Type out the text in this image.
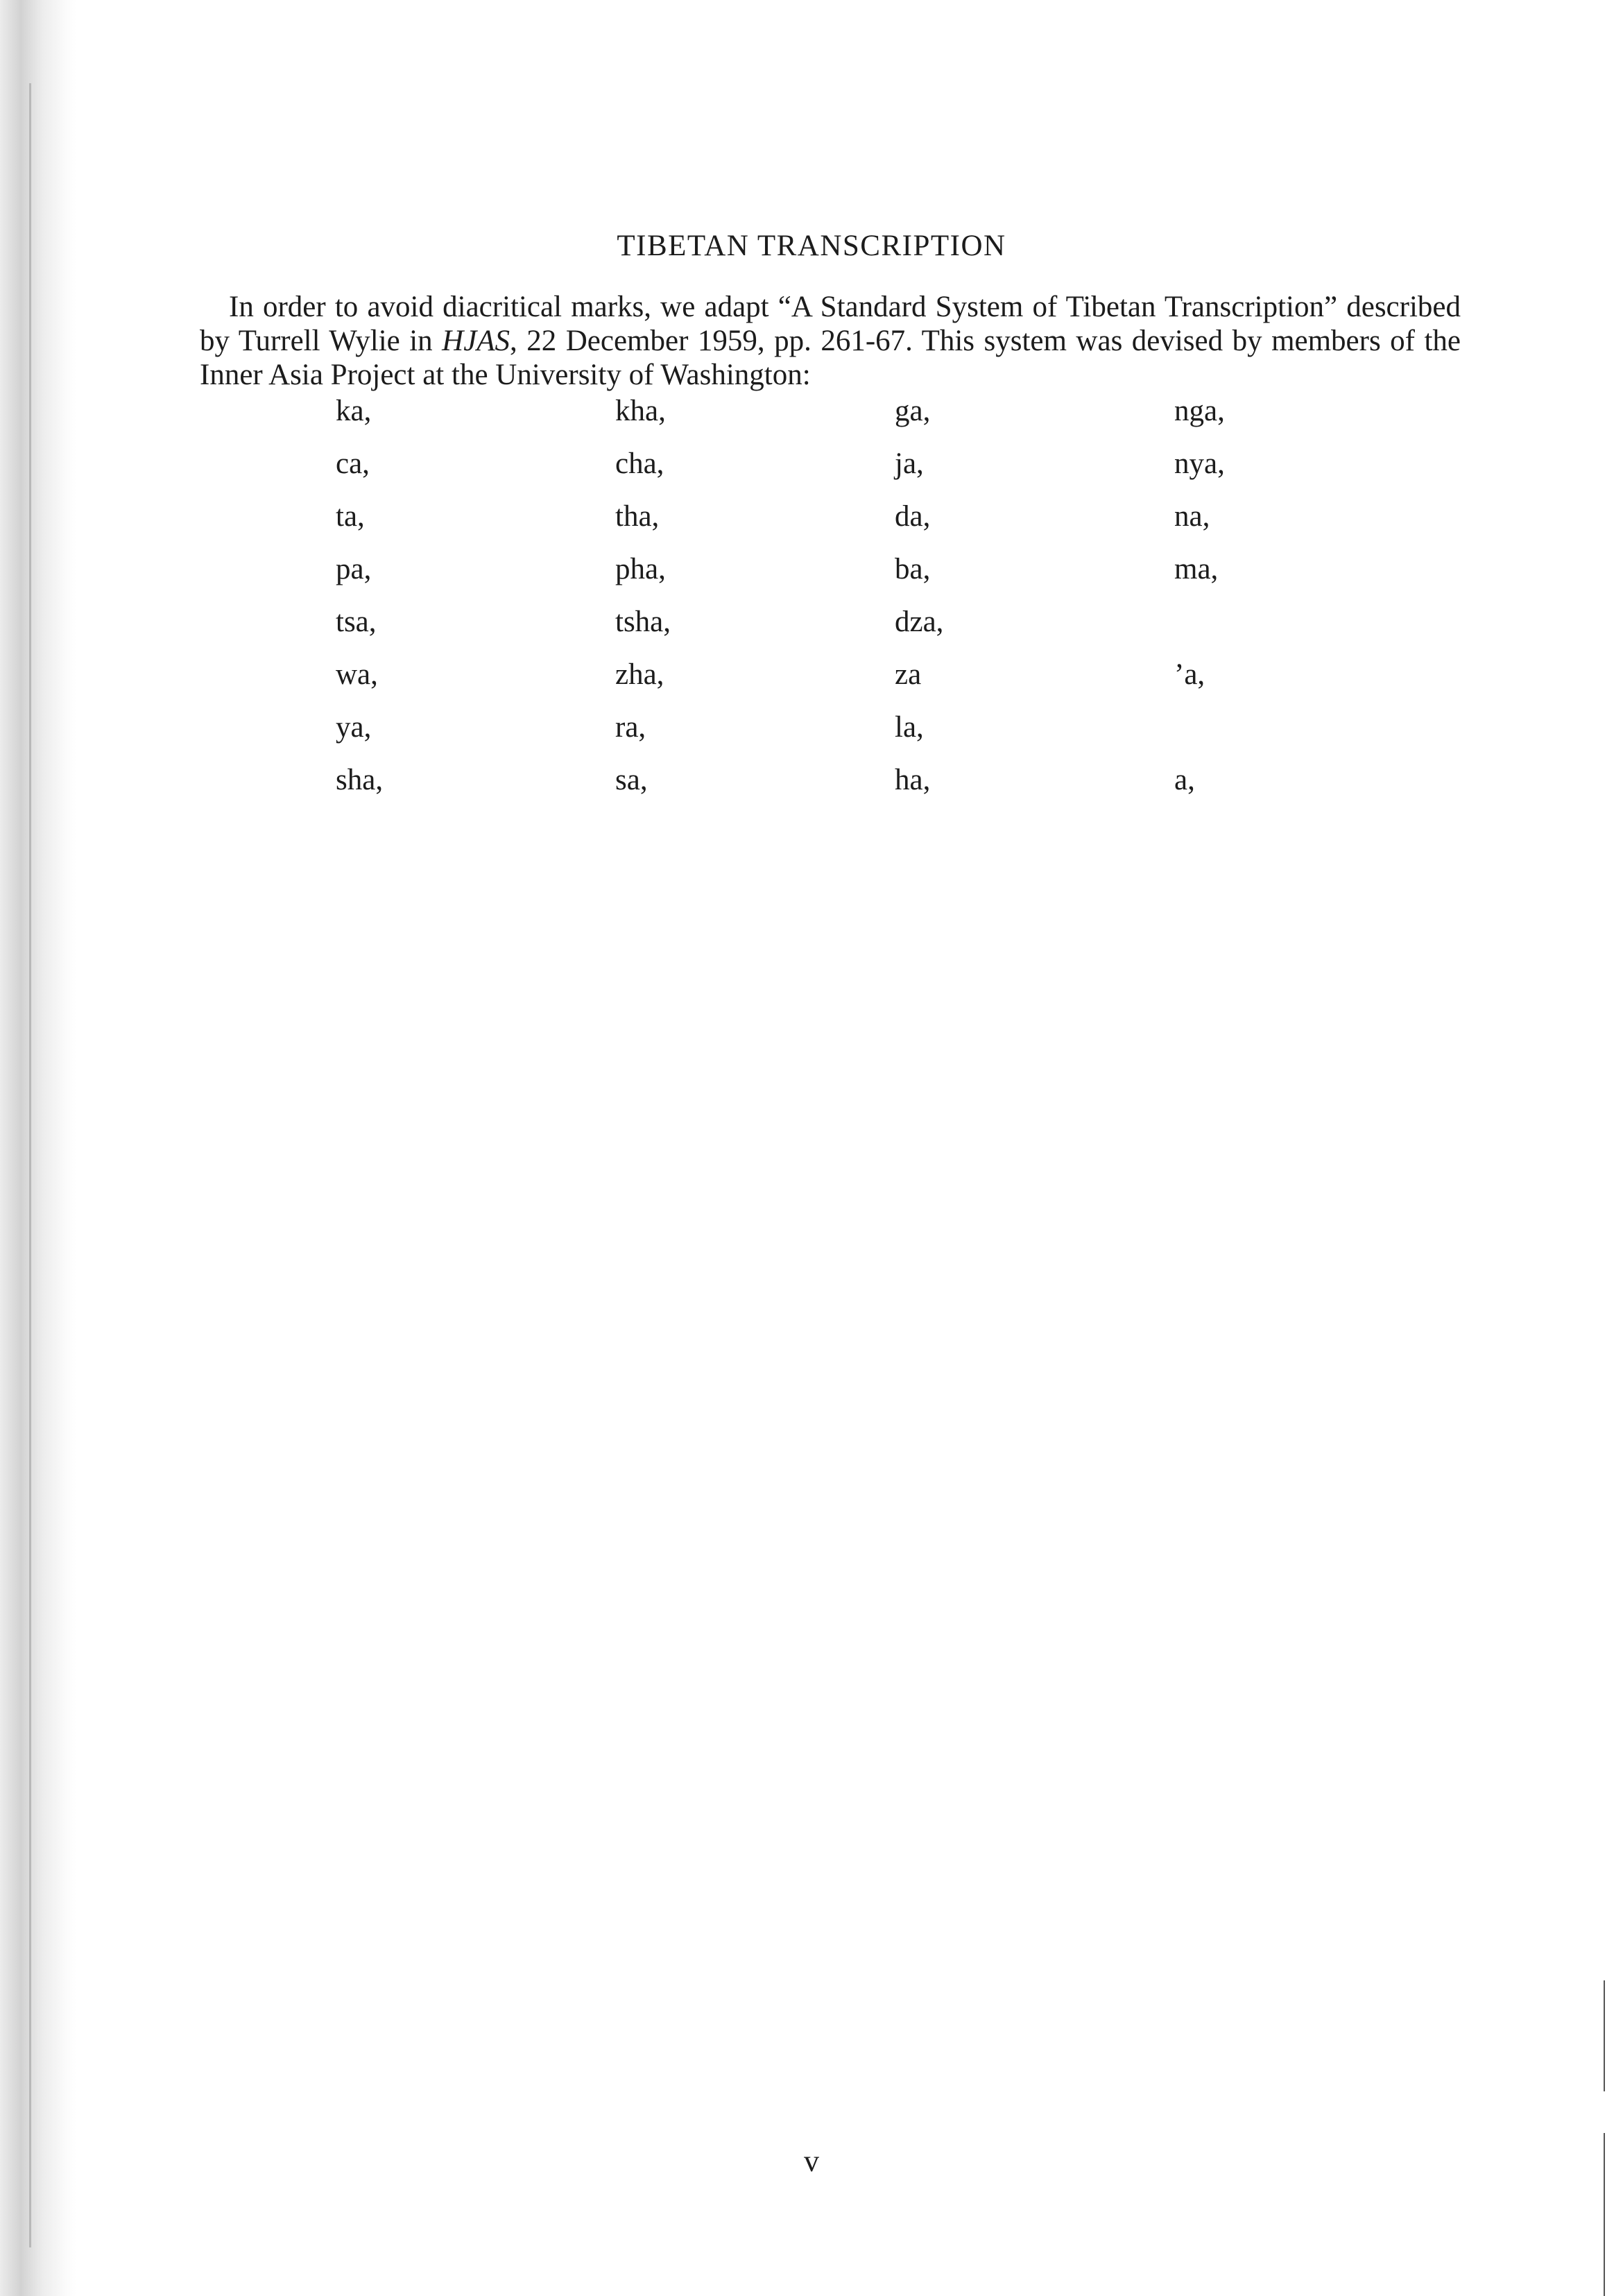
TIBETAN TRANSCRIPTION

In order to avoid diacritical marks, we adapt “A Standard System of Tibetan Transcription” described by Turrell Wylie in HJAS, 22 December 1959, pp. 261-67. This system was devised by members of the Inner Asia Project at the University of Washington:

ka,	kha,	ga,	nga,
ca,	cha,	ja,	nya,
ta,	tha,	da,	na,
pa,	pha,	ba,	ma,
tsa,	tsha,	dza,
wa,	zha,	za	’a,
ya,	ra,	la,
sha,	sa,	ha,	a,
v
